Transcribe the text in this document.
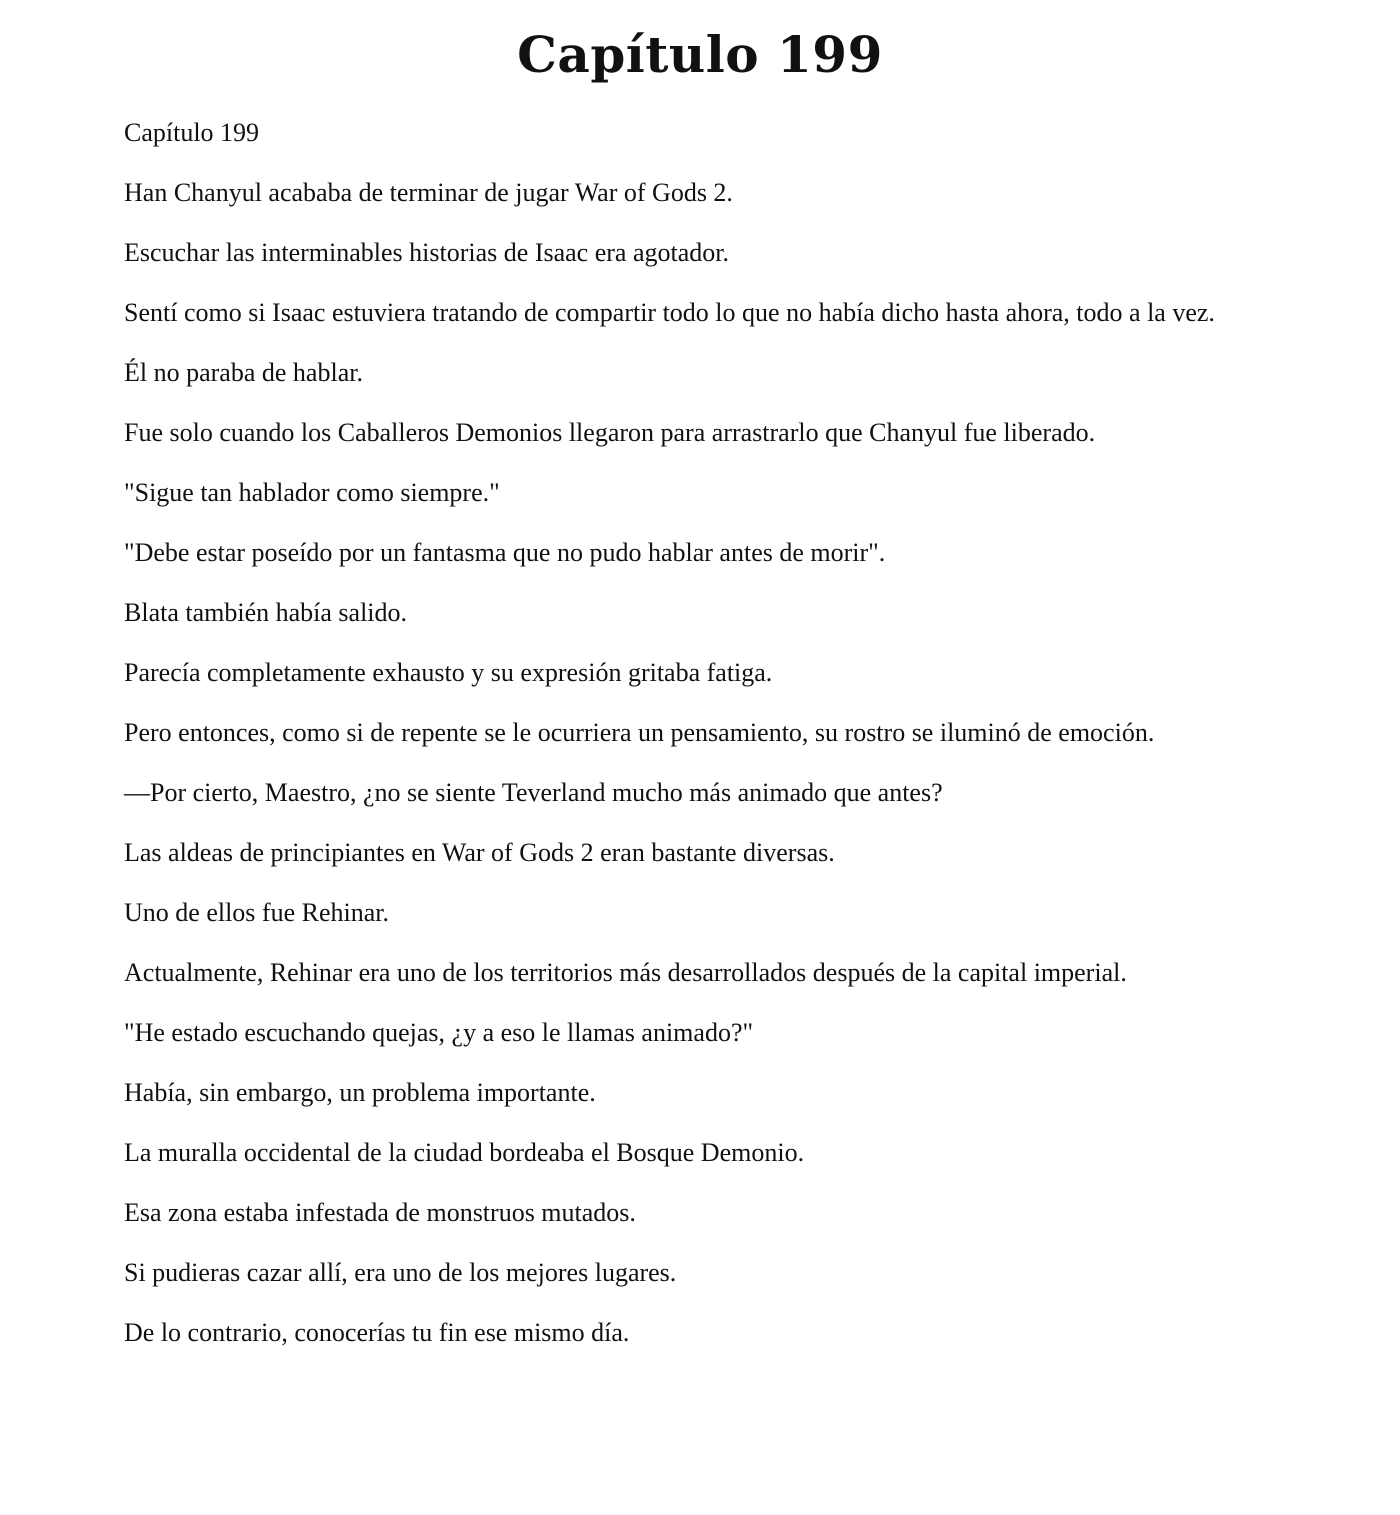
Capítulo 199

Capítulo 199

Han Chanyul acababa de terminar de jugar War of Gods 2.

Escuchar las interminables historias de Isaac era agotador.

Sentí como si Isaac estuviera tratando de compartir todo lo que no había dicho hasta ahora, todo a la vez.

Él no paraba de hablar.

Fue solo cuando los Caballeros Demonios llegaron para arrastrarlo que Chanyul fue liberado.

"Sigue tan hablador como siempre."

"Debe estar poseído por un fantasma que no pudo hablar antes de morir".

Blata también había salido.

Parecía completamente exhausto y su expresión gritaba fatiga.

Pero entonces, como si de repente se le ocurriera un pensamiento, su rostro se iluminó de emoción.

—Por cierto, Maestro, ¿no se siente Teverland mucho más animado que antes?

Las aldeas de principiantes en War of Gods 2 eran bastante diversas.

Uno de ellos fue Rehinar.

Actualmente, Rehinar era uno de los territorios más desarrollados después de la capital imperial.

"He estado escuchando quejas, ¿y a eso le llamas animado?"

Había, sin embargo, un problema importante.

La muralla occidental de la ciudad bordeaba el Bosque Demonio.

Esa zona estaba infestada de monstruos mutados.

Si pudieras cazar allí, era uno de los mejores lugares.

De lo contrario, conocerías tu fin ese mismo día.
